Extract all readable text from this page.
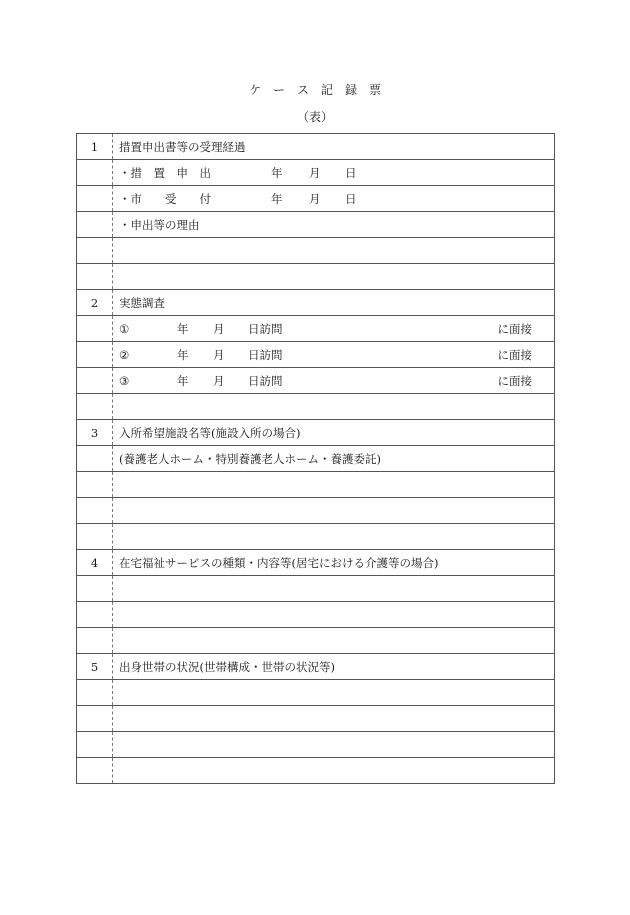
ケ　ー　ス　記　録　票
（表）
1	措置申出書等の受理経過

	・措　置　申　出 年 月 日

	・市　　受　　付 年 月 日

	・申出等の理由

2	実態調査

	① 年 月 日訪問 に面接

	② 年 月 日訪問 に面接

	③ 年 月 日訪問 に面接

3	入所希望施設名等(施設入所の場合)

	(養護老人ホーム・特別養護老人ホーム・養護委託)

4	在宅福祉サービスの種類・内容等(居宅における介護等の場合)

5	出身世帯の状況(世帯構成・世帯の状況等)
